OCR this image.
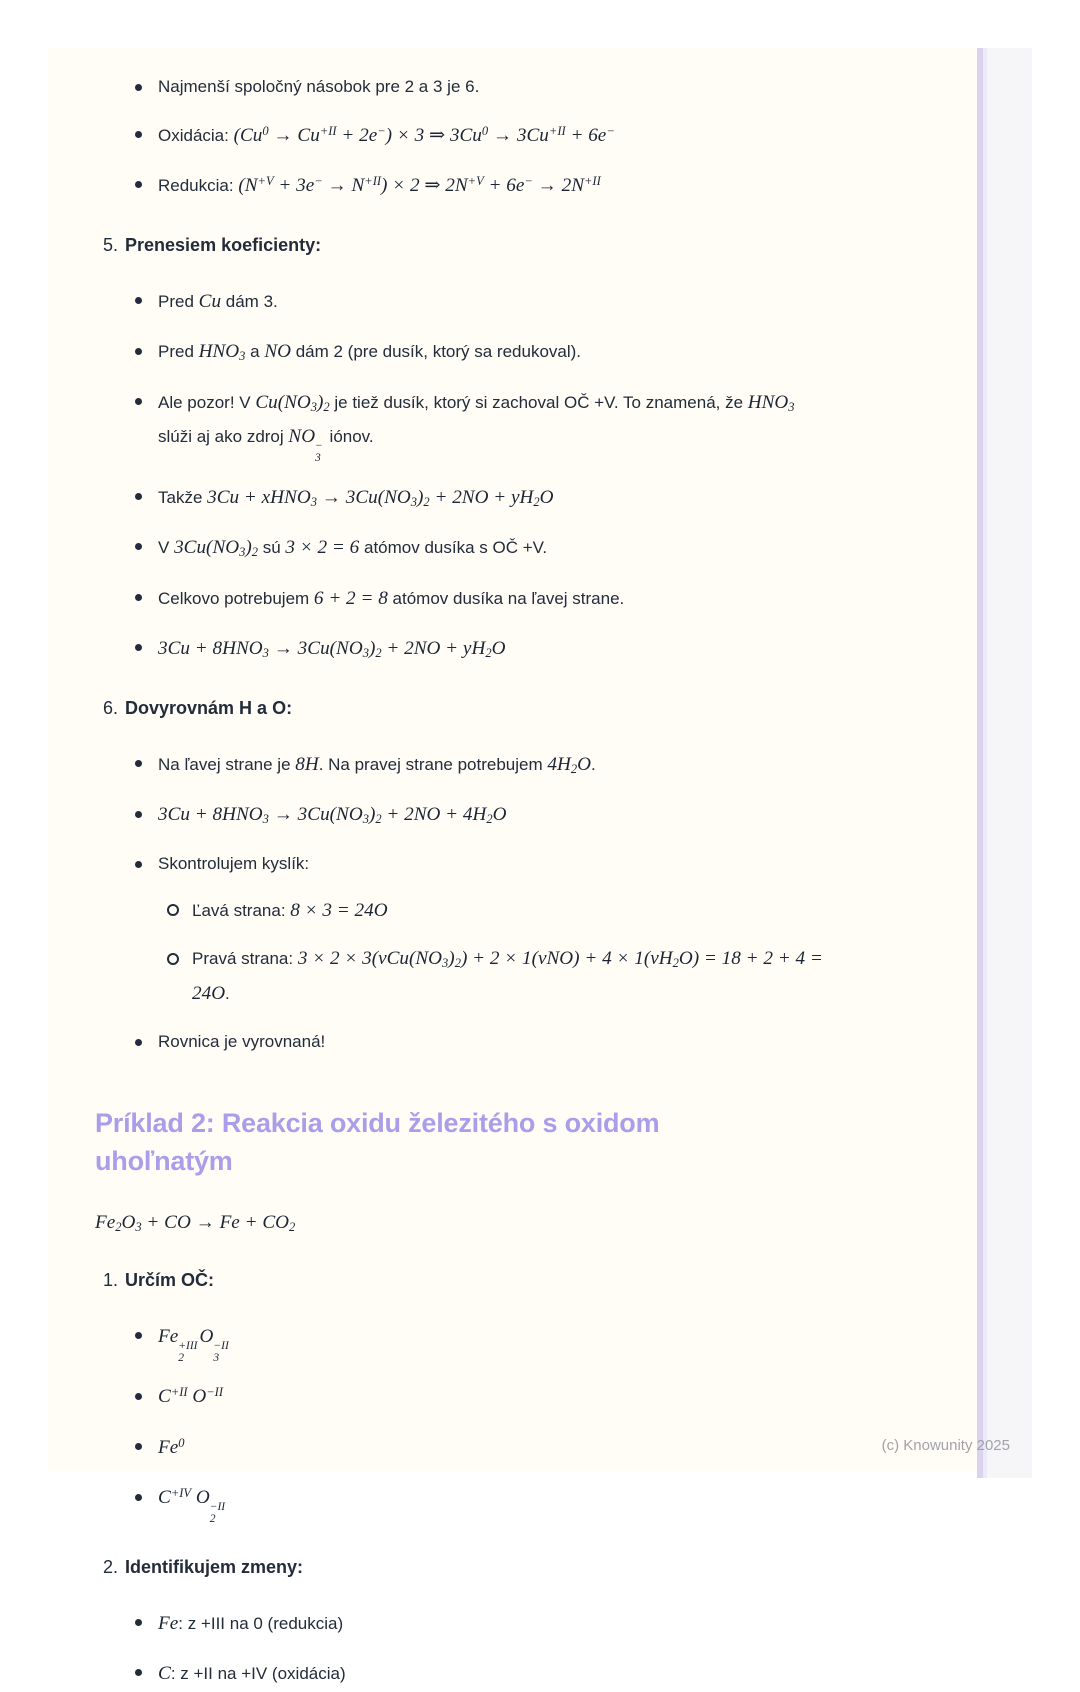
Najmenší spoločný násobok pre 2 a 3 je 6.
Oxidácia: $(Cu^0 \to Cu^{+II} + 2e^-) \times 3$ ⇒ $3Cu^0 \to 3Cu^{+II} + 6e^-$
Redukcia: $(N^{+V} + 3e^- \to N^{+II}) \times 2$ ⇒ $2N^{+V} + 6e^- \to 2N^{+II}$
5. Prenesiem koeficienty:
Pred Cu dám 3.
Pred $HNO_3$ a NO dám 2 (pre dusík, ktorý sa redukoval).
Ale pozor! V $Cu(NO_3)_2$ je tiež dusík, ktorý si zachoval OČ +V. To znamená, že $HNO_3$ slúži aj ako zdroj NO −
3
iónov.
Takže 3Cu + xHNO$_3$ → $3Cu(NO_3)_2 + 2NO + yH_2O$
V $3Cu(NO_3)_2$ sú 3 × 2 = 6 atómov dusíka s OČ +V.
Celkovo potrebujem 6 + 2 = 8 atómov dusíka na ľavej strane.
$3Cu + 8HNO_3 \to 3Cu(NO_3)_2 + 2NO + yH_2O$
6. Dovyrovnám H a O:
Na ľavej strane je 8H. Na pravej strane potrebujem $4H_2O$.
$3Cu + 8HNO_3 \to 3Cu(NO_3)_2 + 2NO + 4H_2O$
Skontrolujem kyslík:
Ľavá strana: 8 × 3 = 24O
Pravá strana: $3 \times 2 \times 3(vCu(NO_3)_2) + 2 \times 1(vNO) + 4 \times 1(vH_2O) = 18 + 2 + 4 = 24O$.
Rovnica je vyrovnaná!
Príklad 2: Reakcia oxidu železitého s oxidom uhoľnatým
$Fe_2O_3$ + CO → $Fe + CO_2$
1. Určím OČ:
Fe +III
2
O −II
3
$C^{+II}$ $O^{-II}$
Fe$^0$
$C^{+IV}$ O −II
2
2. Identifikujem zmeny:
Fe: z +III na 0 (redukcia)
C: z +II na +IV (oxidácia)
(c) Knowunity 2025
